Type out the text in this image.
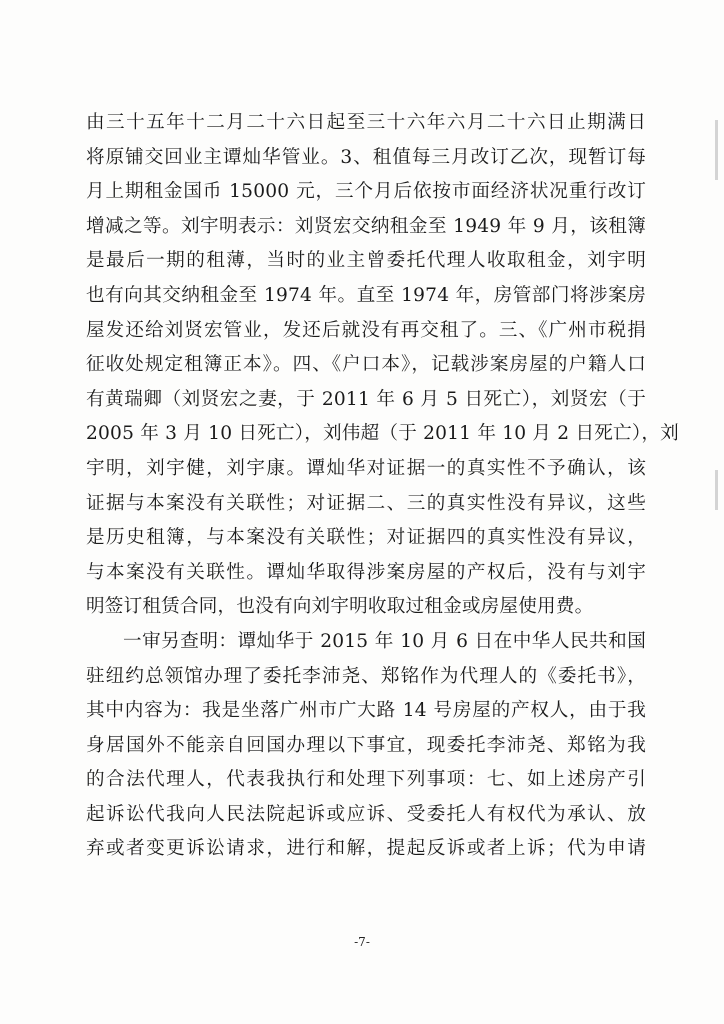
由三十五年十二月二十六日起至三十六年六月二十六日止期满日
将原铺交回业主谭灿华管业。3、租值每三月改订乙次，现暂订每
月上期租金国币 15000 元，三个月后依按市面经济状况重行改订
增减之等。刘宇明表示：刘贤宏交纳租金至 1949 年 9 月，该租簿
是最后一期的租薄，当时的业主曾委托代理人收取租金，刘宇明
也有向其交纳租金至 1974 年。直至 1974 年，房管部门将涉案房
屋发还给刘贤宏管业，发还后就没有再交租了。三、《广州市税捐
征收处规定租簿正本》。四、《户口本》，记载涉案房屋的户籍人口
有黄瑞卿（刘贤宏之妻，于 2011 年 6 月 5 日死亡），刘贤宏（于
2005 年 3 月 10 日死亡），刘伟超（于 2011 年 10 月 2 日死亡），刘
宇明，刘宇健，刘宇康。谭灿华对证据一的真实性不予确认，该
证据与本案没有关联性；对证据二、三的真实性没有异议，这些
是历史租簿，与本案没有关联性；对证据四的真实性没有异议，
与本案没有关联性。谭灿华取得涉案房屋的产权后，没有与刘宇
明签订租赁合同，也没有向刘宇明收取过租金或房屋使用费。
一审另查明：谭灿华于 2015 年 10 月 6 日在中华人民共和国
驻纽约总领馆办理了委托李沛尧、郑铭作为代理人的《委托书》，
其中内容为：我是坐落广州市广大路 14 号房屋的产权人，由于我
身居国外不能亲自回国办理以下事宜，现委托李沛尧、郑铭为我
的合法代理人，代表我执行和处理下列事项：七、如上述房产引
起诉讼代我向人民法院起诉或应诉、受委托人有权代为承认、放
弃或者变更诉讼请求，进行和解，提起反诉或者上诉；代为申请
-7-
